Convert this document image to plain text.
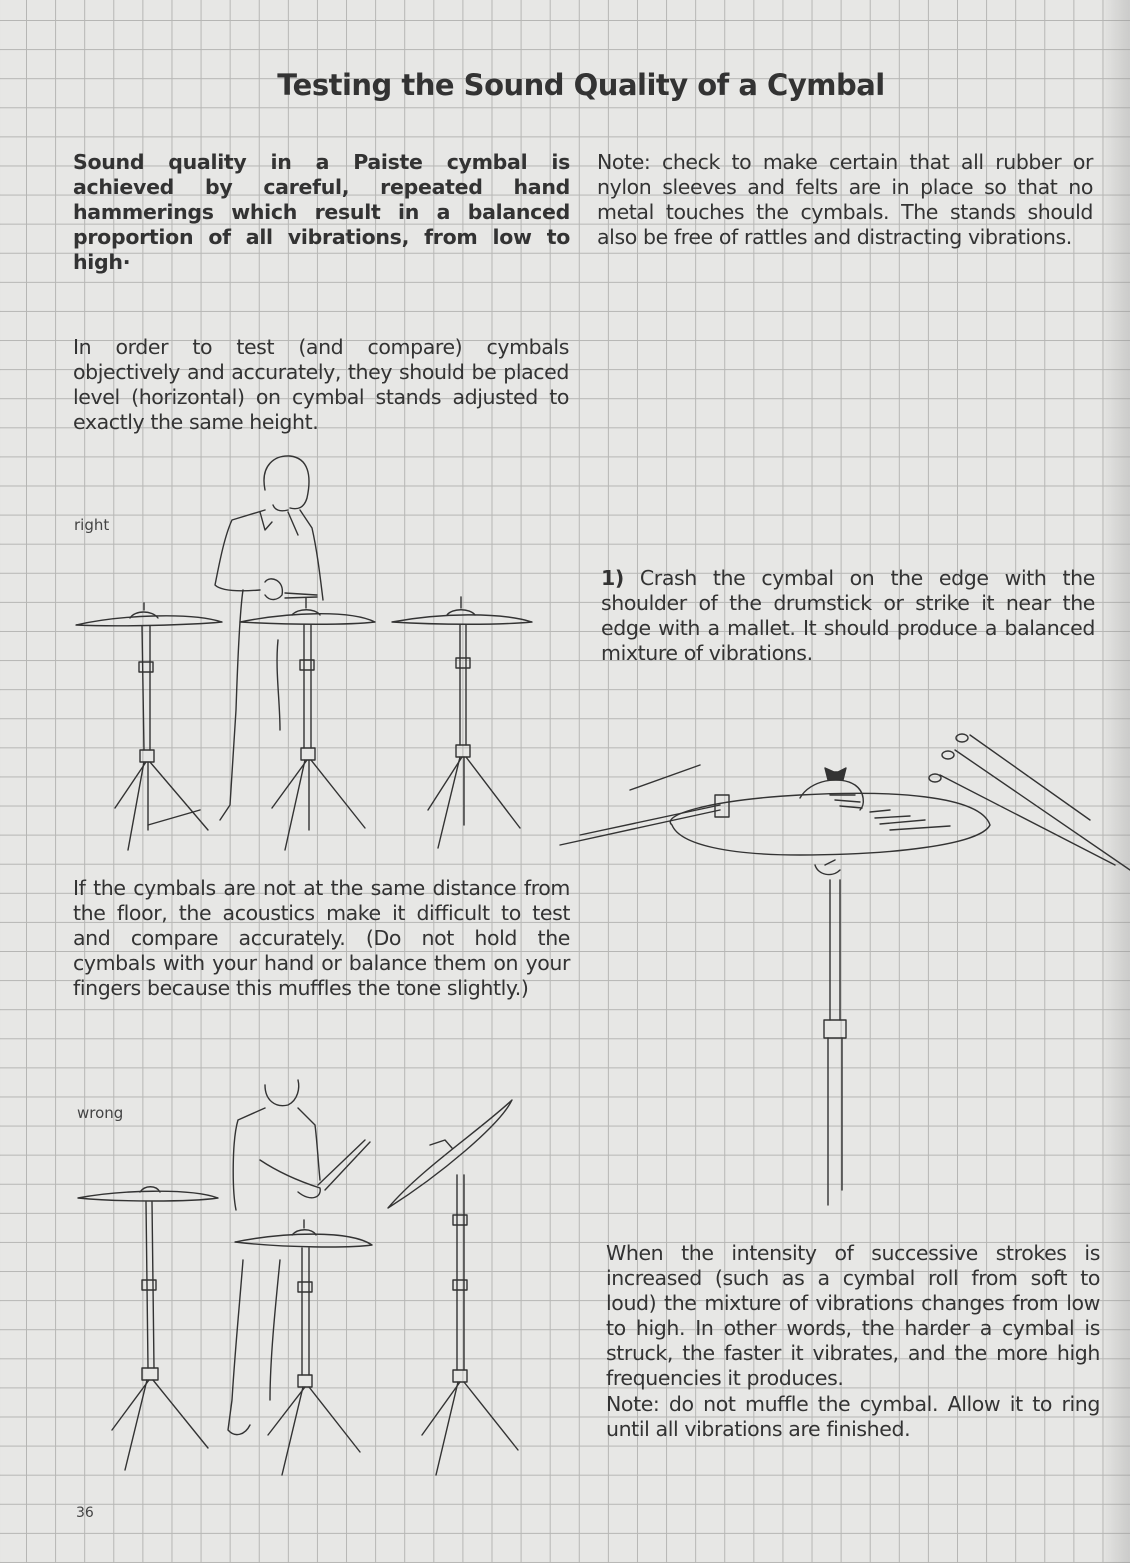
Testing the Sound Quality of a Cymbal

Sound quality in a Paiste cymbal is achieved by careful, repeated hand hammerings which result in a balanced proportion of all vibrations, from low to high·

Note: check to make certain that all rubber or nylon sleeves and felts are in place so that no metal touches the cymbals. The stands should also be free of rattles and distracting vibrations.

In order to test (and compare) cymbals objectively and accurately, they should be placed level (horizontal) on cymbal stands adjusted to exactly the same height.

right
1) Crash the cymbal on the edge with the shoulder of the drumstick or strike it near the edge with a mallet. It should produce a balanced mixture of vibrations.

If the cymbals are not at the same distance from the floor, the acoustics make it difficult to test and compare accurately. (Do not hold the cymbals with your hand or balance them on your fingers because this muffles the tone slightly.)

wrong

When the intensity of successive strokes is increased (such as a cymbal roll from soft to loud) the mixture of vibrations changes from low to high. In other words, the harder a cymbal is struck, the faster it vibrates, and the more high frequencies it produces.

Note: do not muffle the cymbal. Allow it to ring until all vibrations are finished.

36
